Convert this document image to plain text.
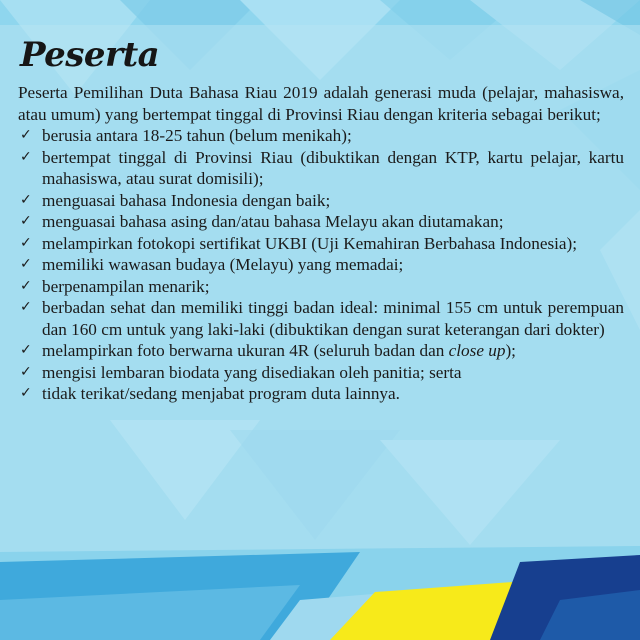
Peserta

Peserta Pemilihan Duta Bahasa Riau 2019 adalah generasi muda (pelajar, mahasiswa, atau umum) yang bertempat tinggal di Provinsi Riau dengan kriteria sebagai berikut;

✓ berusia antara 18-25 tahun (belum menikah);
✓ bertempat tinggal di Provinsi Riau (dibuktikan dengan KTP, kartu pelajar, kartu mahasiswa, atau surat domisili);
✓ menguasai bahasa Indonesia dengan baik;
✓ menguasai bahasa asing dan/atau bahasa Melayu akan diutamakan;
✓ melampirkan fotokopi sertifikat UKBI (Uji Kemahiran Berbahasa Indonesia);
✓ memiliki wawasan budaya (Melayu) yang memadai;
✓ berpenampilan menarik;
✓ berbadan sehat dan memiliki tinggi badan ideal: minimal 155 cm untuk perempuan dan 160 cm untuk yang laki-laki (dibuktikan dengan surat keterangan dari dokter)
✓ melampirkan foto berwarna ukuran 4R (seluruh badan dan close up);
✓ mengisi lembaran biodata yang disediakan oleh panitia; serta
✓ tidak terikat/sedang menjabat program duta lainnya.
